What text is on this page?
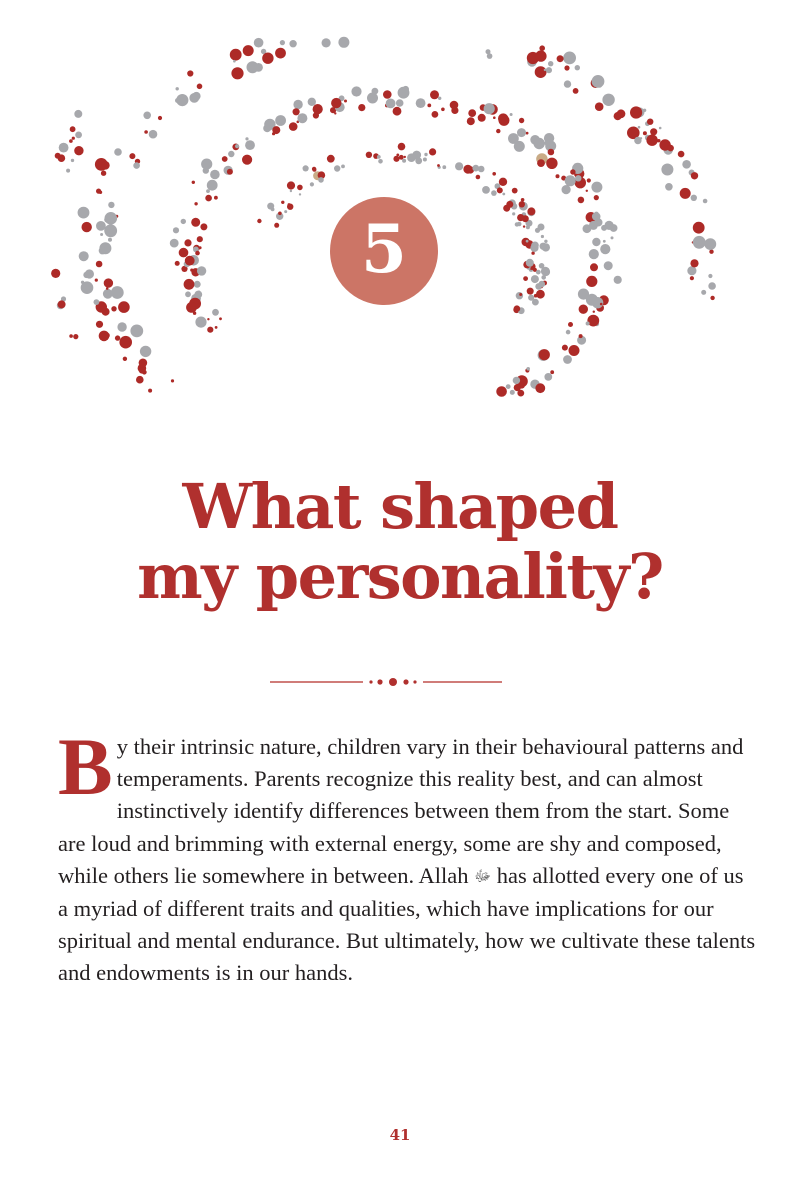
5
What shaped
my personality?

By their intrinsic nature, children vary in their behavioural patterns and temperaments. Parents recognize this reality best, and can almost instinctively identify differences between them from the start. Some are loud and brimming with external energy, some are shy and composed, while others lie somewhere in between. Allah ﷻ has allotted every one of us a myriad of different traits and qualities, which have implications for our spiritual and mental endurance. But ultimately, how we cultivate these talents and endowments is in our hands.

41
